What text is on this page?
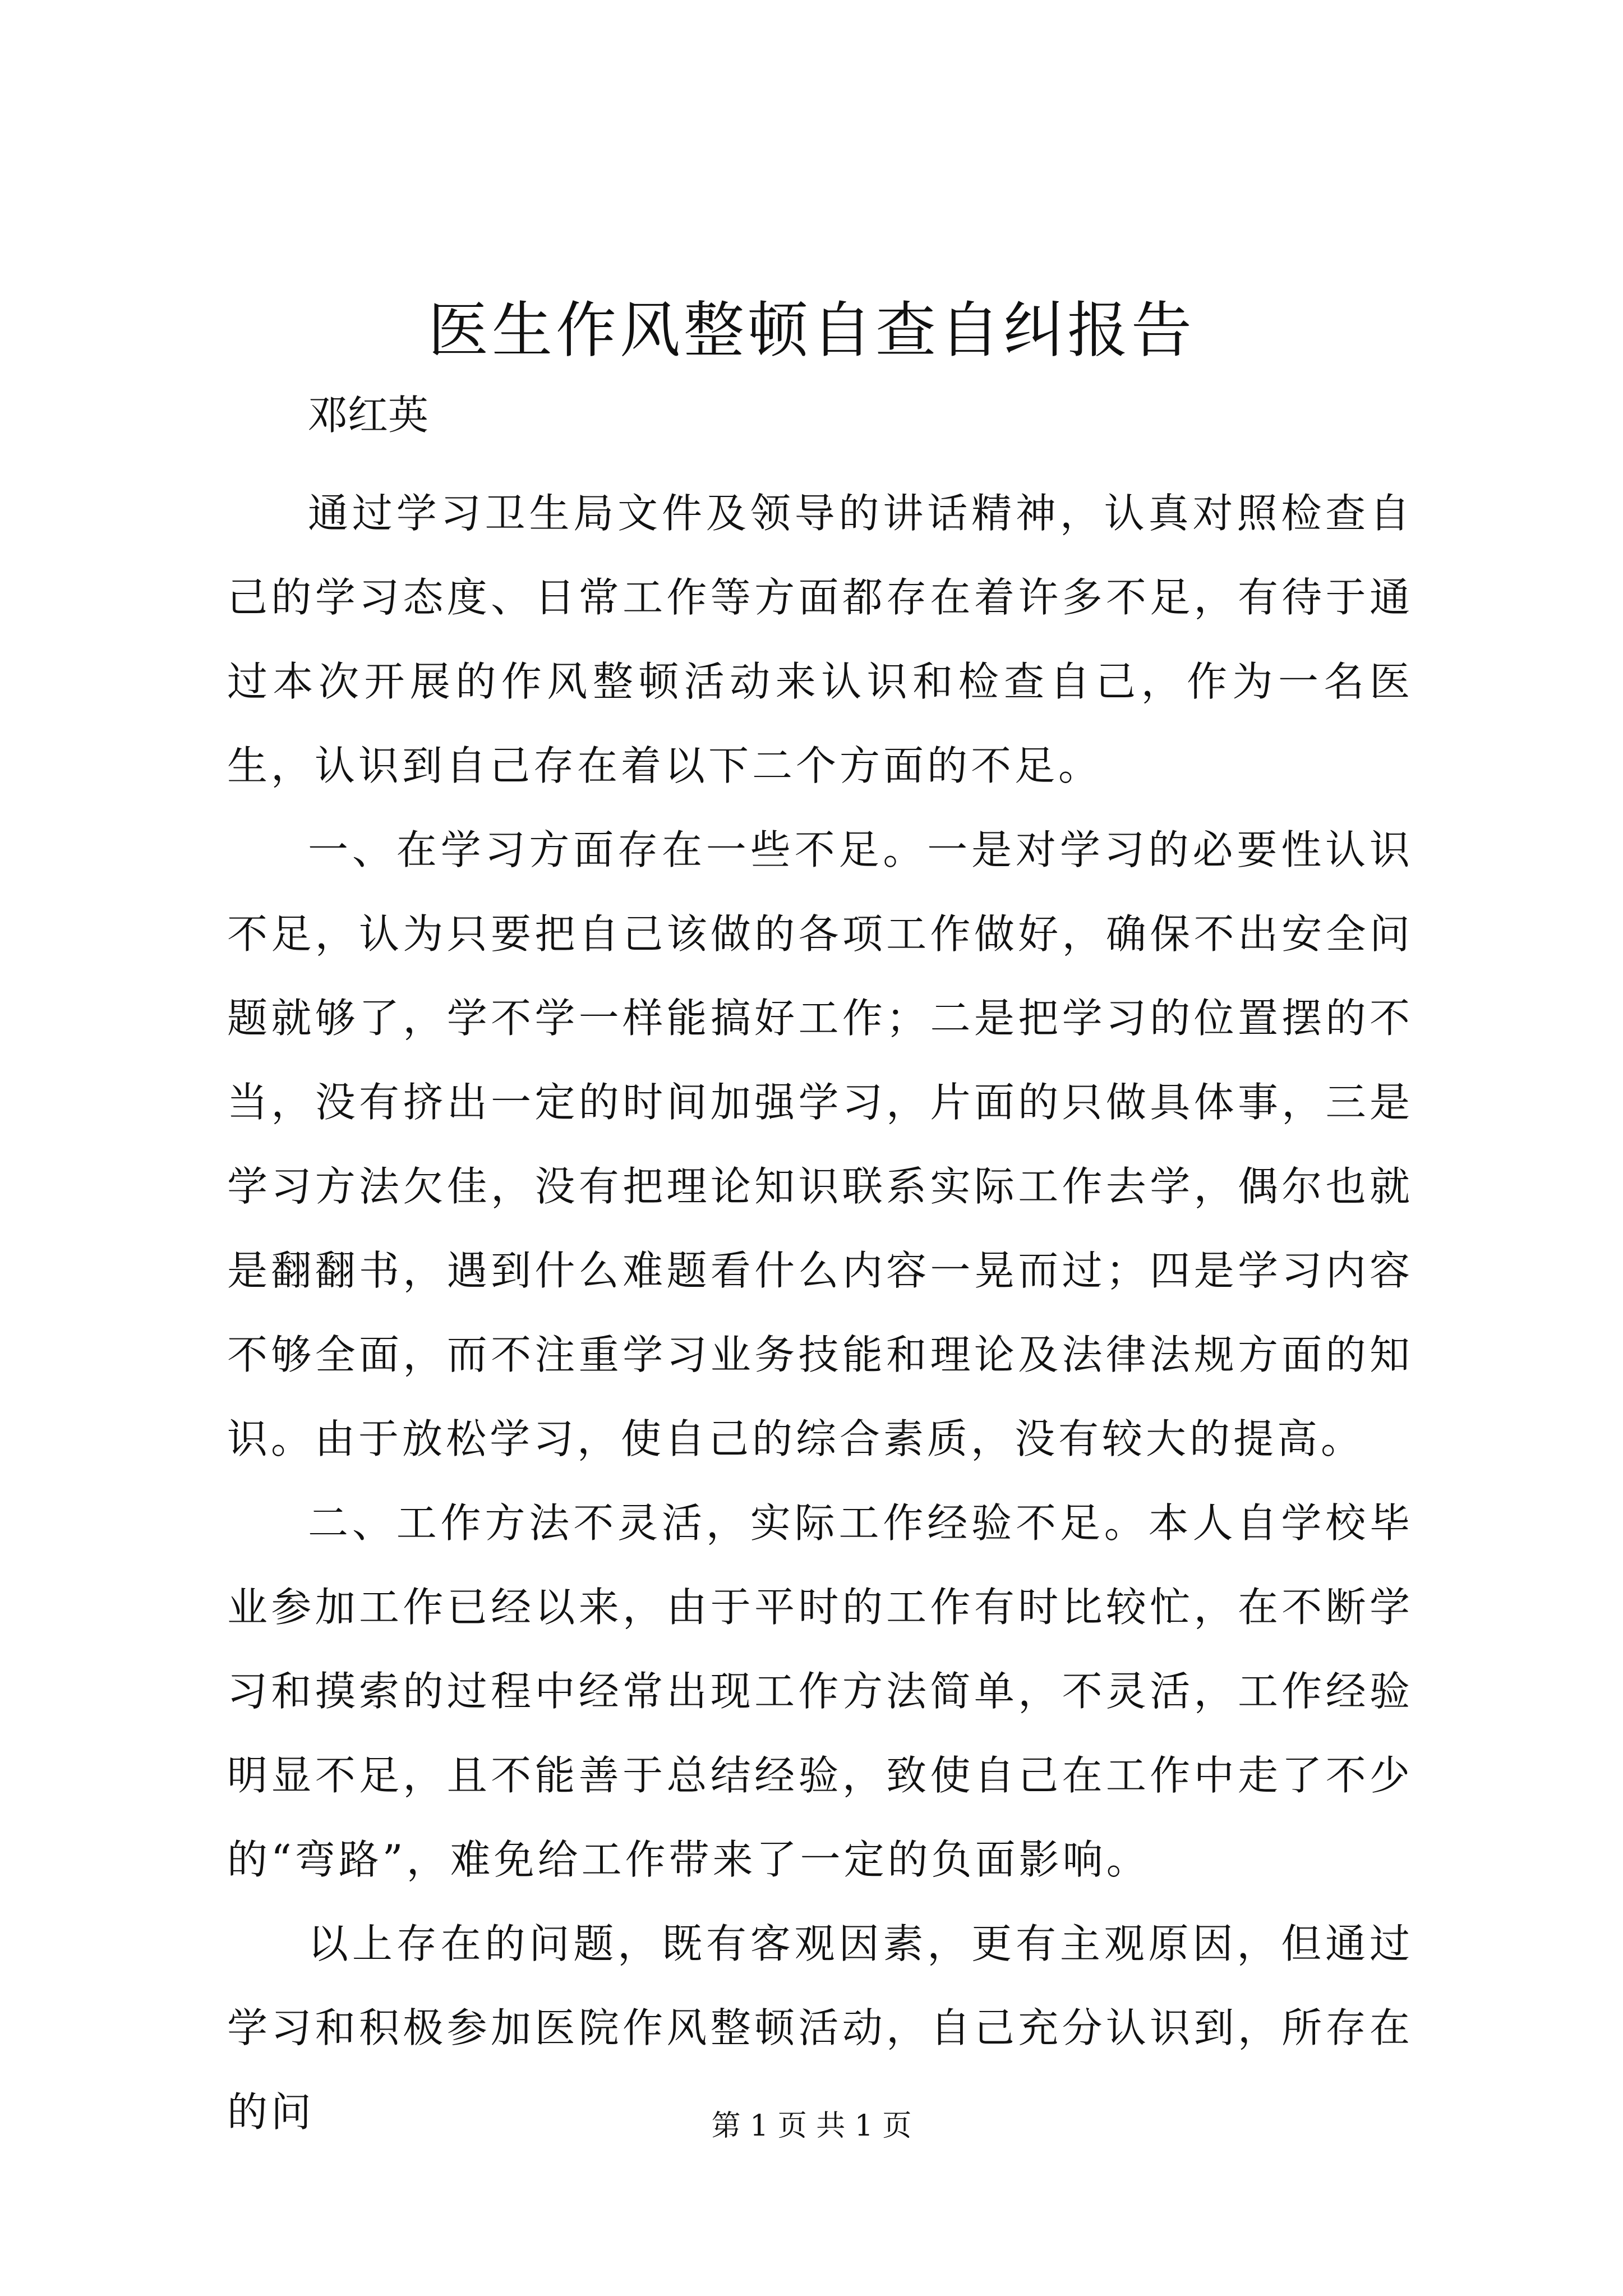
医生作风整顿自查自纠报告
邓红英

通过学习卫生局文件及领导的讲话精神，认真对照检查自己的学习态度、日常工作等方面都存在着许多不足，有待于通过本次开展的作风整顿活动来认识和检查自己，作为一名医生，认识到自己存在着以下二个方面的不足。

一、在学习方面存在一些不足。一是对学习的必要性认识不足，认为只要把自己该做的各项工作做好，确保不出安全问题就够了，学不学一样能搞好工作；二是把学习的位置摆的不当，没有挤出一定的时间加强学习，片面的只做具体事，三是学习方法欠佳，没有把理论知识联系实际工作去学，偶尔也就是翻翻书，遇到什么难题看什么内容一晃而过；四是学习内容不够全面，而不注重学习业务技能和理论及法律法规方面的知识。由于放松学习，使自己的综合素质，没有较大的提高。

二、工作方法不灵活，实际工作经验不足。本人自学校毕业参加工作已经以来，由于平时的工作有时比较忙，在不断学习和摸索的过程中经常出现工作方法简单，不灵活，工作经验明显不足，且不能善于总结经验，致使自己在工作中走了不少的“弯路”，难免给工作带来了一定的负面影响。

以上存在的问题，既有客观因素，更有主观原因，但通过学习和积极参加医院作风整顿活动，自己充分认识到，所存在的问	第 1 页 共 1 页
